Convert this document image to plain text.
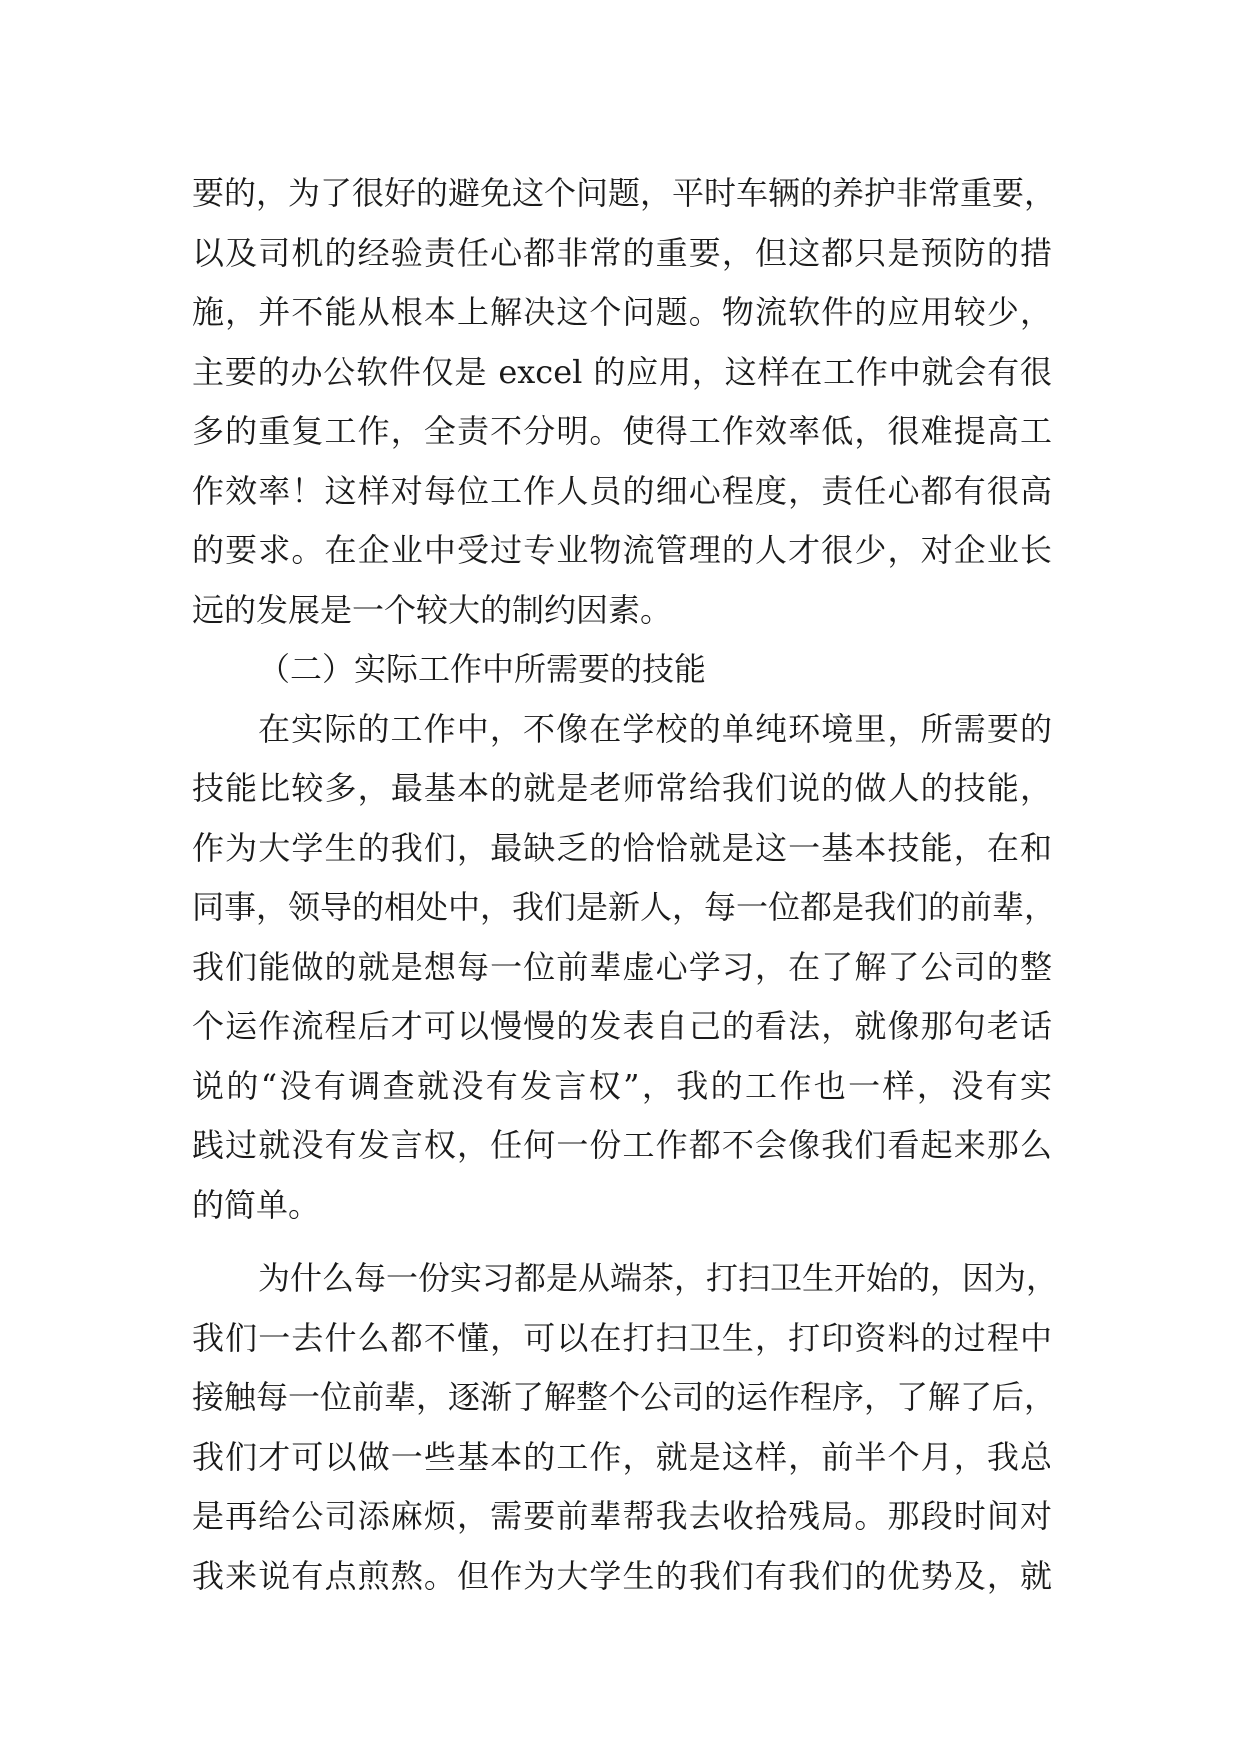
要的，为了很好的避免这个问题，平时车辆的养护非常重要，
以及司机的经验责任心都非常的重要，但这都只是预防的措
施，并不能从根本上解决这个问题。物流软件的应用较少，
主要的办公软件仅是 excel 的应用，这样在工作中就会有很
多的重复工作，全责不分明。使得工作效率低，很难提高工
作效率！这样对每位工作人员的细心程度，责任心都有很高
的要求。在企业中受过专业物流管理的人才很少，对企业长
远的发展是一个较大的制约因素。
（二）实际工作中所需要的技能
在实际的工作中，不像在学校的单纯环境里，所需要的
技能比较多，最基本的就是老师常给我们说的做人的技能，
作为大学生的我们，最缺乏的恰恰就是这一基本技能，在和
同事，领导的相处中，我们是新人，每一位都是我们的前辈，
我们能做的就是想每一位前辈虚心学习，在了解了公司的整
个运作流程后才可以慢慢的发表自己的看法，就像那句老话
说的“没有调查就没有发言权”，我的工作也一样，没有实
践过就没有发言权，任何一份工作都不会像我们看起来那么
的简单。
为什么每一份实习都是从端茶，打扫卫生开始的，因为，
我们一去什么都不懂，可以在打扫卫生，打印资料的过程中
接触每一位前辈，逐渐了解整个公司的运作程序，了解了后，
我们才可以做一些基本的工作，就是这样，前半个月，我总
是再给公司添麻烦，需要前辈帮我去收拾残局。那段时间对
我来说有点煎熬。但作为大学生的我们有我们的优势及，就
